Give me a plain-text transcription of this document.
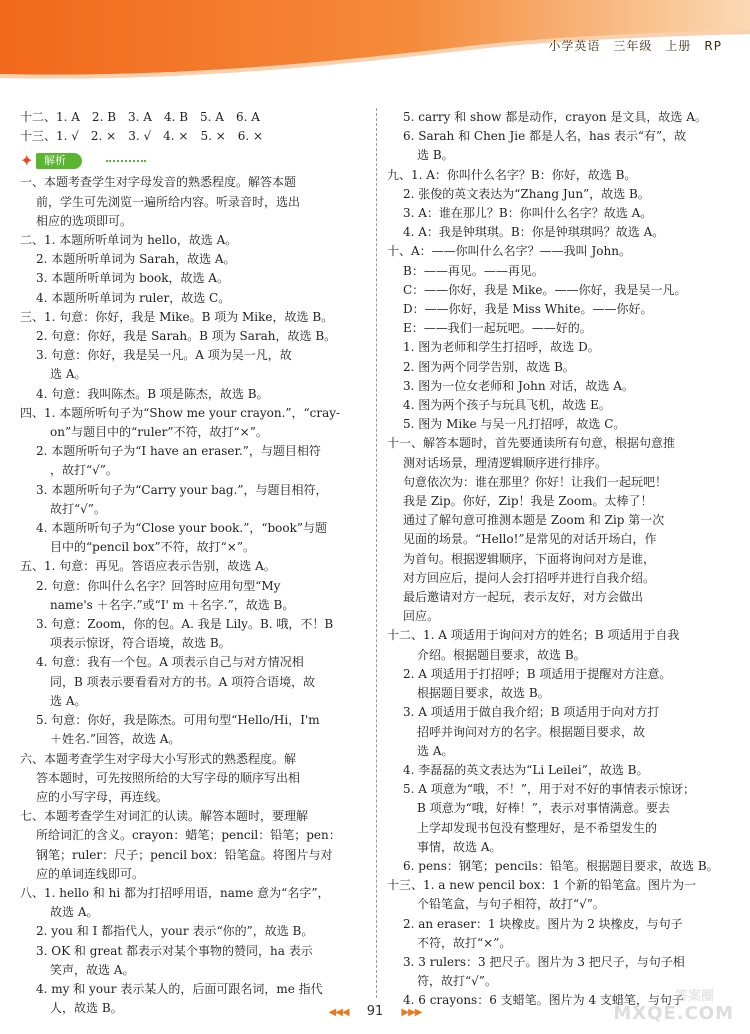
小学英语　三年级　上册　RP
十二、1. A　2. B　3. A　4. B　5. A　6. A
十三、1. √　2. ×　3. √　4. ×　5. ×　6. ×
✦ 解析
一、本题考查学生对字母发音的熟悉程度。解答本题
前，学生可先浏览一遍所给内容。听录音时，选出
相应的选项即可。
二、1. 本题所听单词为 hello，故选 A。
2. 本题所听单词为 Sarah，故选 A。
3. 本题所听单词为 book，故选 A。
4. 本题所听单词为 ruler，故选 C。
三、1. 句意：你好，我是 Mike。B 项为 Mike，故选 B。
2. 句意：你好，我是 Sarah。B 项为 Sarah，故选 B。
3. 句意：你好，我是吴一凡。A 项为吴一凡，故
选 A。
4. 句意：我叫陈杰。B 项是陈杰，故选 B。
四、1. 本题所听句子为“Show me your crayon.”，“cray-
on”与题目中的“ruler”不符，故打“×”。
2. 本题所听句子为“I have an eraser.”，与题目相符
，故打“√”。
3. 本题所听句子为“Carry your bag.”，与题目相符，
故打“√”。
4. 本题所听句子为“Close your book.”，“book”与题
目中的“pencil box”不符，故打“×”。
五、1. 句意：再见。答语应表示告别，故选 A。
2. 句意：你叫什么名字？回答时应用句型“My
name's ＋名字.”或“I' m ＋名字.”，故选 B。
3. 句意：Zoom，你的包。A. 我是 Lily。B. 哦，不！B
项表示惊讶，符合语境，故选 B。
4. 句意：我有一个包。A 项表示自己与对方情况相
同，B 项表示要看看对方的书。A 项符合语境，故
选 A。
5. 句意：你好，我是陈杰。可用句型“Hello/Hi，I'm
＋姓名.”回答，故选 A。
六、本题考查学生对字母大小写形式的熟悉程度。解
答本题时，可先按照所给的大写字母的顺序写出相
应的小写字母，再连线。
七、本题考查学生对词汇的认读。解答本题时，要理解
所给词汇的含义。crayon：蜡笔；pencil：铅笔；pen：
钢笔；ruler：尺子；pencil box：铅笔盒。将图片与对
应的单词连线即可。
八、1. hello 和 hi 都为打招呼用语，name 意为“名字”，
故选 A。
2. you 和 I 都指代人，your 表示“你的”，故选 B。
3. OK 和 great 都表示对某个事物的赞同，ha 表示
笑声，故选 A。
4. my 和 your 表示某人的，后面可跟名词，me 指代
人，故选 B。
5. carry 和 show 都是动作，crayon 是文具，故选 A。
6. Sarah 和 Chen Jie 都是人名，has 表示“有”，故
选 B。
九、1. A：你叫什么名字？B：你好，故选 B。
2. 张俊的英文表达为“Zhang Jun”，故选 B。
3. A：谁在那儿？B：你叫什么名字？故选 A。
4. A：我是钟琪琪。B：你是钟琪琪吗？故选 A。
十、A：——你叫什么名字？——我叫 John。
B：——再见。——再见。
C：——你好，我是 Mike。——你好，我是吴一凡。
D：——你好，我是 Miss White。——你好。
E：——我们一起玩吧。——好的。
1. 图为老师和学生打招呼，故选 D。
2. 图为两个同学告别，故选 B。
3. 图为一位女老师和 John 对话，故选 A。
4. 图为两个孩子与玩具飞机，故选 E。
5. 图为 Mike 与吴一凡打招呼，故选 C。
十一、解答本题时，首先要通读所有句意，根据句意推
测对话场景，理清逻辑顺序进行排序。
句意依次为：谁在那里？你好！让我们一起玩吧！
我是 Zip。你好，Zip！我是 Zoom。太棒了！
通过了解句意可推测本题是 Zoom 和 Zip 第一次
见面的场景。“Hello!”是常见的对话开场白，作
为首句。根据逻辑顺序，下面将询问对方是谁，
对方回应后，提问人会打招呼并进行自我介绍。
最后邀请对方一起玩，表示友好，对方会做出
回应。
十二、1. A 项适用于询问对方的姓名；B 项适用于自我
介绍。根据题目要求，故选 B。
2. A 项适用于打招呼；B 项适用于提醒对方注意。
根据题目要求，故选 B。
3. A 项适用于做自我介绍；B 项适用于向对方打
招呼并询问对方的名字。根据题目要求，故
选 A。
4. 李磊磊的英文表达为“Li Leilei”，故选 B。
5. A 项意为“哦，不！”，用于对不好的事情表示惊讶；
B 项意为“哦，好棒！”，表示对事情满意。要去
上学却发现书包没有整理好，是不希望发生的
事情，故选 A。
6. pens：钢笔；pencils：铅笔。根据题目要求，故选 B。
十三、1. a new pencil box：1 个新的铅笔盒。图片为一
个铅笔盒，与句子相符，故打“√”。
2. an eraser：1 块橡皮。图片为 2 块橡皮，与句子
不符，故打“×”。
3. 3 rulers：3 把尺子。图片为 3 把尺子，与句子相
符，故打“√”。
4. 6 crayons：6 支蜡笔。图片为 4 支蜡笔，与句子
◀◀◀ 91 ▶▶▶
答案圈
MXQE.COM
